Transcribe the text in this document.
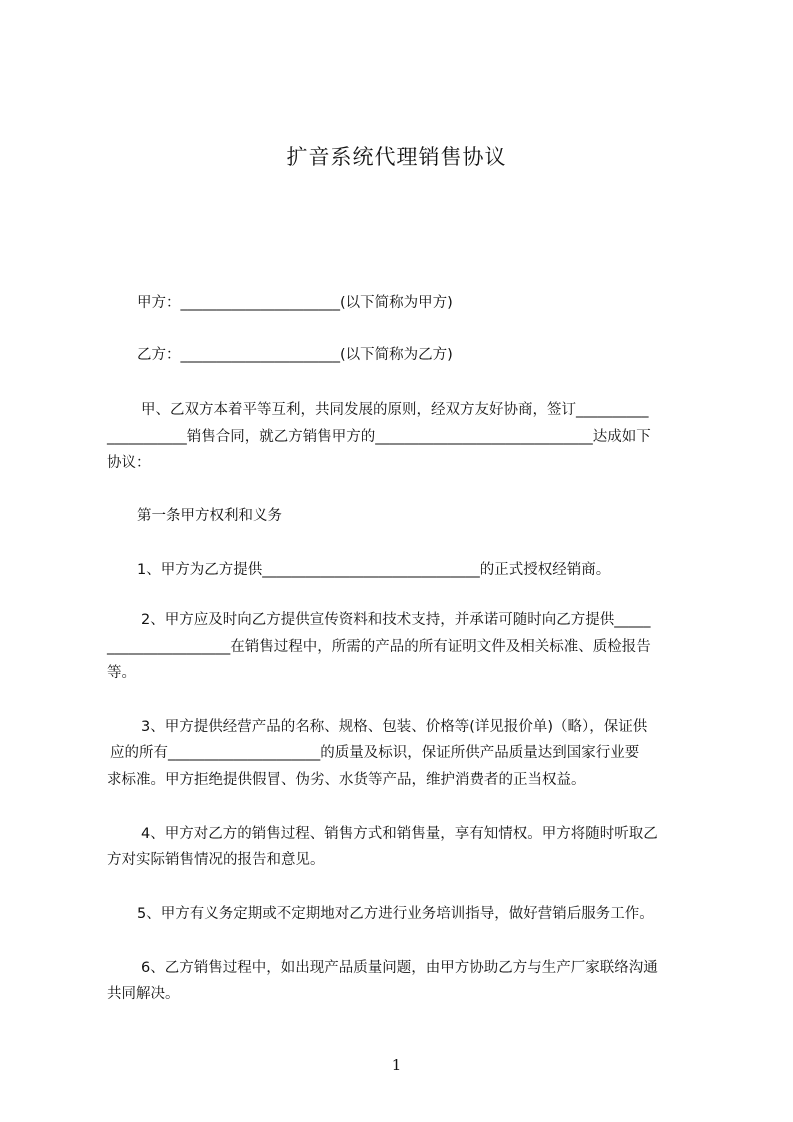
扩音系统代理销售协议
甲方：______________________(以下简称为甲方)
乙方：______________________(以下简称为乙方)
甲、乙双方本着平等互利，共同发展的原则，经双方友好协商，签订__________
___________销售合同，就乙方销售甲方的______________________________达成如下
协议：
第一条甲方权利和义务
1、甲方为乙方提供______________________________的正式授权经销商。
2、甲方应及时向乙方提供宣传资料和技术支持，并承诺可随时向乙方提供_____
_________________在销售过程中，所需的产品的所有证明文件及相关标准、质检报告
等。
3、甲方提供经营产品的名称、规格、包装、价格等(详见报价单)（略），保证供
应的所有_____________________的质量及标识，保证所供产品质量达到国家行业要
求标准。甲方拒绝提供假冒、伪劣、水货等产品，维护消费者的正当权益。
4、甲方对乙方的销售过程、销售方式和销售量，享有知情权。甲方将随时听取乙
方对实际销售情况的报告和意见。
5、甲方有义务定期或不定期地对乙方进行业务培训指导，做好营销后服务工作。
6、乙方销售过程中，如出现产品质量问题，由甲方协助乙方与生产厂家联络沟通
共同解决。
1
